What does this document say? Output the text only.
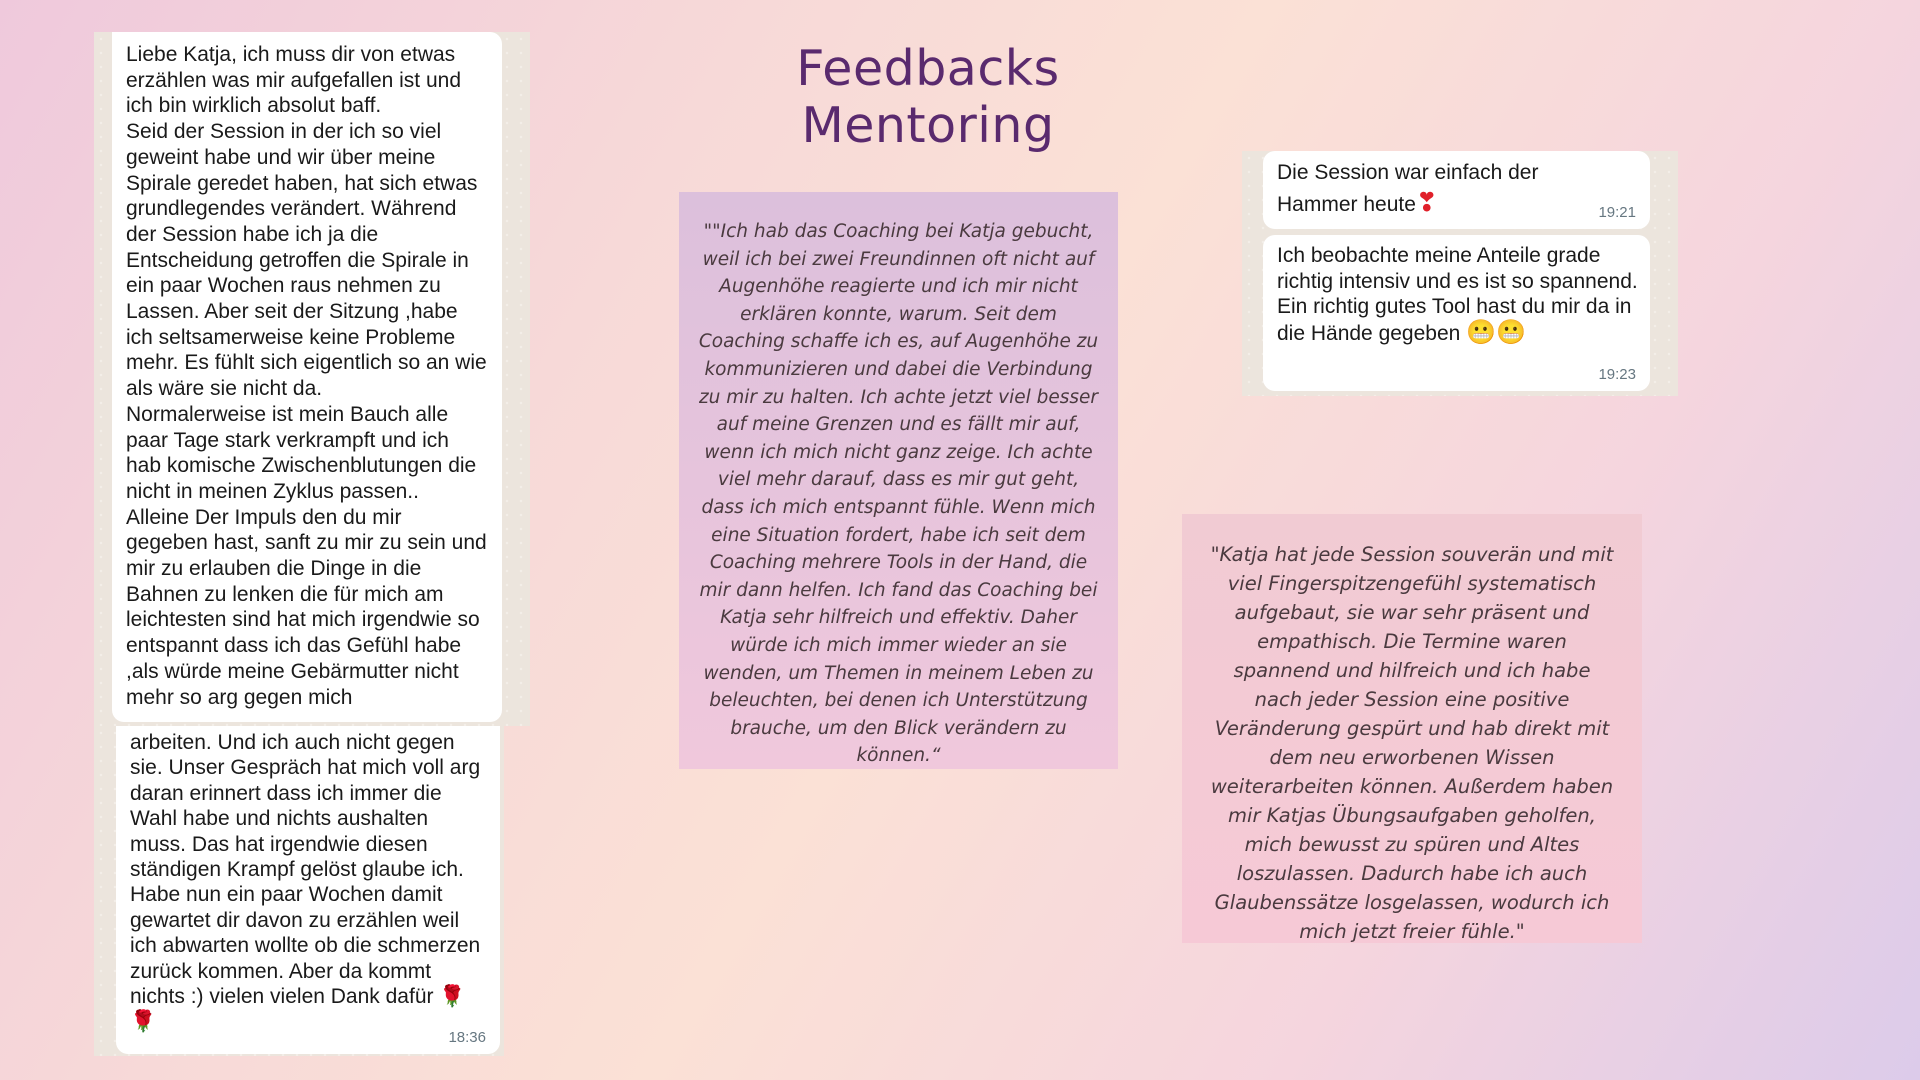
Feedbacks Mentoring
Liebe Katja, ich muss dir von etwas erzählen was mir aufgefallen ist und ich bin wirklich absolut baff.
Seid der Session in der ich so viel geweint habe und wir über meine Spirale geredet haben, hat sich etwas grundlegendes verändert. Während der Session habe ich ja die Entscheidung getroffen die Spirale in ein paar Wochen raus nehmen zu Lassen. Aber seit der Sitzung ,habe ich seltsamerweise keine Probleme mehr. Es fühlt sich eigentlich so an wie als wäre sie nicht da.
Normalerweise ist mein Bauch alle paar Tage stark verkrampft und ich hab komische Zwischenblutungen die nicht in meinen Zyklus passen..
Alleine Der Impuls den du mir gegeben hast, sanft zu mir zu sein und mir zu erlauben die Dinge in die Bahnen zu lenken die für mich am leichtesten sind hat mich irgendwie so entspannt dass ich das Gefühl habe ,als würde meine Gebärmutter nicht mehr so arg gegen mich
arbeiten. Und ich auch nicht gegen sie. Unser Gespräch hat mich voll arg daran erinnert dass ich immer die Wahl habe und nichts aushalten muss. Das hat irgendwie diesen ständigen Krampf gelöst glaube ich. Habe nun ein paar Wochen damit gewartet dir davon zu erzählen weil ich abwarten wollte ob die schmerzen zurück kommen. Aber da kommt nichts :) vielen vielen Dank dafür 🌹 🌹
18:36
""Ich hab das Coaching bei Katja gebucht, weil ich bei zwei Freundinnen oft nicht auf Augenhöhe reagierte und ich mir nicht erklären konnte, warum. Seit dem Coaching schaffe ich es, auf Augenhöhe zu kommunizieren und dabei die Verbindung zu mir zu halten. Ich achte jetzt viel besser auf meine Grenzen und es fällt mir auf, wenn ich mich nicht ganz zeige. Ich achte viel mehr darauf, dass es mir gut geht, dass ich mich entspannt fühle. Wenn mich eine Situation fordert, habe ich seit dem Coaching mehrere Tools in der Hand, die mir dann helfen. Ich fand das Coaching bei Katja sehr hilfreich und effektiv. Daher würde ich mich immer wieder an sie wenden, um Themen in meinem Leben zu beleuchten, bei denen ich Unterstützung brauche, um den Blick verändern zu können.“
Die Session war einfach der Hammer heute❣	19:21
Ich beobachte meine Anteile grade richtig intensiv und es ist so spannend. Ein richtig gutes Tool hast du mir da in die Hände gegeben 😬😬
19:23
"Katja hat jede Session souverän und mit viel Fingerspitzengefühl systematisch aufgebaut, sie war sehr präsent und empathisch. Die Termine waren spannend und hilfreich und ich habe nach jeder Session eine positive Veränderung gespürt und hab direkt mit dem neu erworbenen Wissen weiterarbeiten können. Außerdem haben mir Katjas Übungsaufgaben geholfen, mich bewusst zu spüren und Altes loszulassen. Dadurch habe ich auch Glaubenssätze losgelassen, wodurch ich mich jetzt freier fühle."
